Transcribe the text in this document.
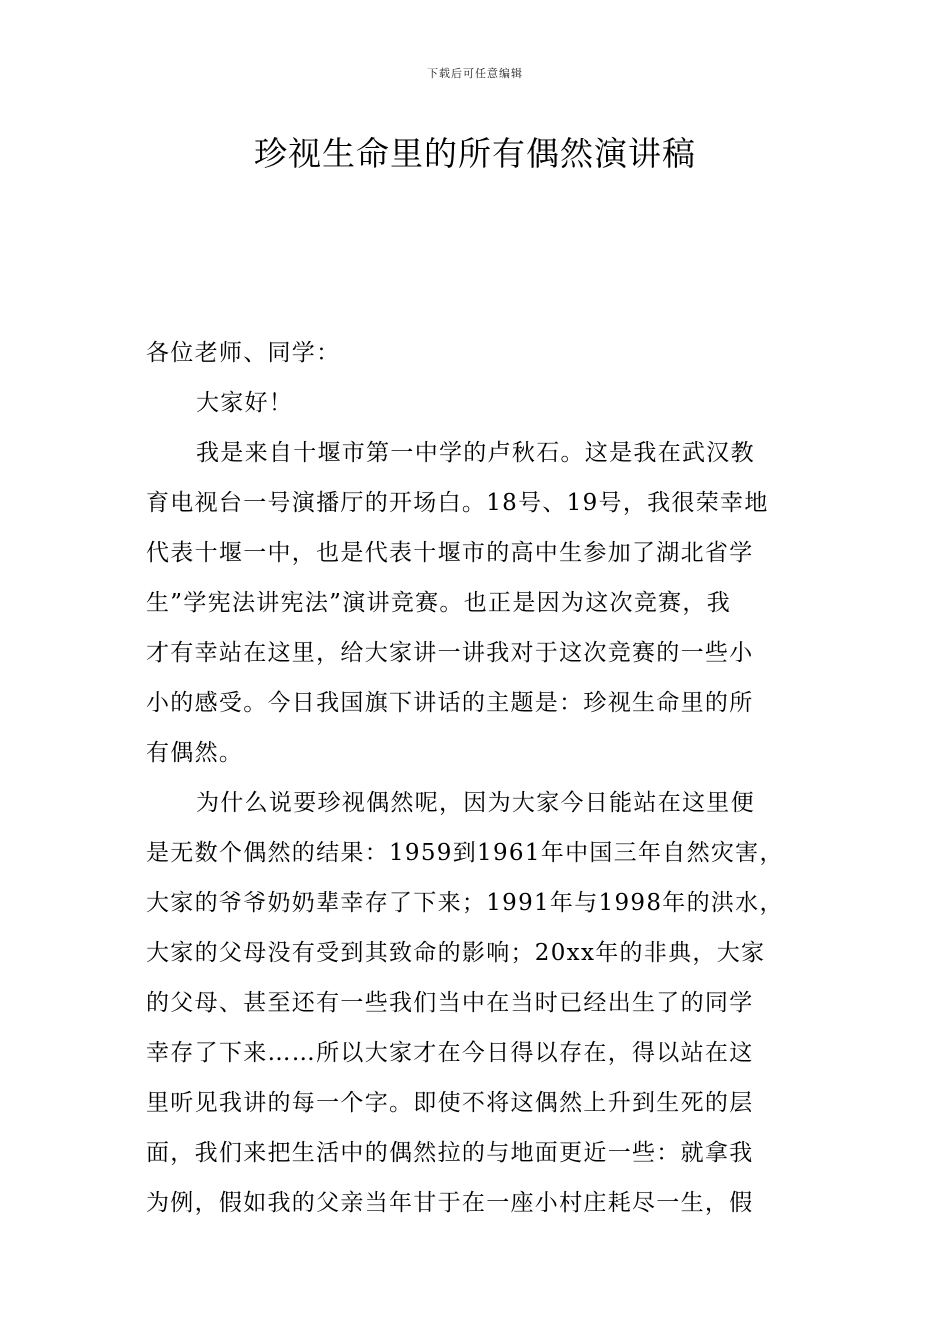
下载后可任意编辑
珍视生命里的所有偶然演讲稿
各位老师、同学：
大家好！
我是来自十堰市第一中学的卢秋石。这是我在武汉教
育电视台一号演播厅的开场白。18号、19号，我很荣幸地
代表十堰一中，也是代表十堰市的高中生参加了湖北省学
生”学宪法讲宪法”演讲竞赛。也正是因为这次竞赛，我
才有幸站在这里，给大家讲一讲我对于这次竞赛的一些小
小的感受。今日我国旗下讲话的主题是：珍视生命里的所
有偶然。
为什么说要珍视偶然呢，因为大家今日能站在这里便
是无数个偶然的结果：1959到1961年中国三年自然灾害，
大家的爷爷奶奶辈幸存了下来；1991年与1998年的洪水，
大家的父母没有受到其致命的影响；20xx年的非典，大家
的父母、甚至还有一些我们当中在当时已经出生了的同学
幸存了下来……所以大家才在今日得以存在，得以站在这
里听见我讲的每一个字。即使不将这偶然上升到生死的层
面，我们来把生活中的偶然拉的与地面更近一些：就拿我
为例，假如我的父亲当年甘于在一座小村庄耗尽一生，假
